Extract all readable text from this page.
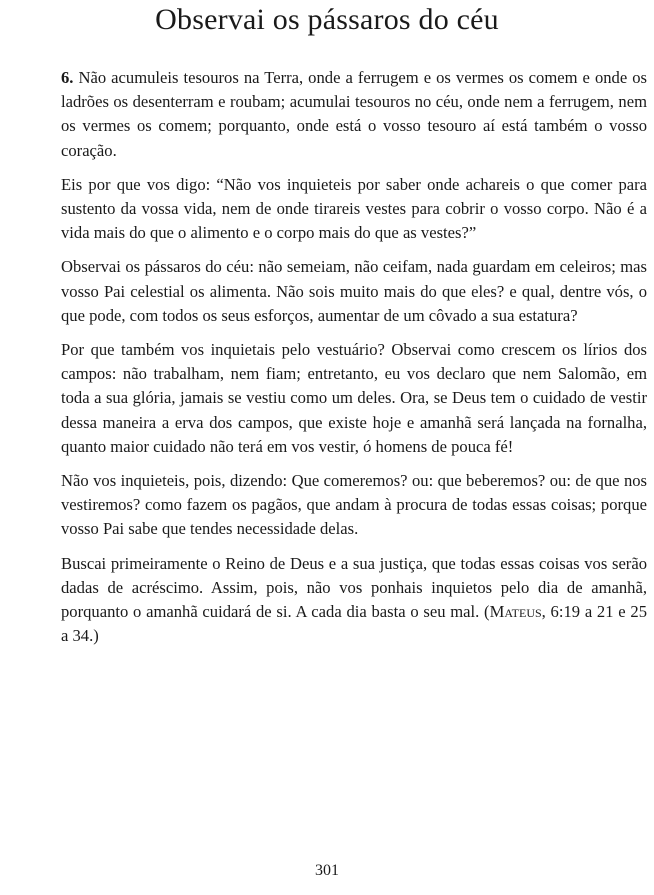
Observai os pássaros do céu

6. Não acumuleis tesouros na Terra, onde a ferrugem e os vermes os comem e onde os ladrões os desenterram e roubam; acumulai tesouros no céu, onde nem a ferrugem, nem os vermes os comem; porquanto, onde está o vosso tesouro aí está também o vosso coração.

Eis por que vos digo: “Não vos inquieteis por saber onde achareis o que comer para sustento da vossa vida, nem de onde tirareis vestes para cobrir o vosso corpo. Não é a vida mais do que o alimento e o corpo mais do que as vestes?”

Observai os pássaros do céu: não semeiam, não ceifam, nada guardam em celeiros; mas vosso Pai celestial os alimenta. Não sois muito mais do que eles? e qual, dentre vós, o que pode, com todos os seus esforços, aumentar de um côvado a sua estatura?

Por que também vos inquietais pelo vestuário? Observai como crescem os lírios dos campos: não trabalham, nem fiam; entretanto, eu vos declaro que nem Salomão, em toda a sua glória, jamais se vestiu como um deles. Ora, se Deus tem o cuidado de vestir dessa maneira a erva dos campos, que existe hoje e amanhã será lançada na fornalha, quanto maior cuidado não terá em vos vestir, ó homens de pouca fé!

Não vos inquieteis, pois, dizendo: Que comeremos? ou: que beberemos? ou: de que nos vestiremos? como fazem os pagãos, que andam à procura de todas essas coisas; porque vosso Pai sabe que tendes necessidade delas.

Buscai primeiramente o Reino de Deus e a sua justiça, que todas essas coisas vos serão dadas de acréscimo. Assim, pois, não vos ponhais inquietos pelo dia de amanhã, porquanto o amanhã cuidará de si. A cada dia basta o seu mal. (Mateus, 6:19 a 21 e 25 a 34.)

301
